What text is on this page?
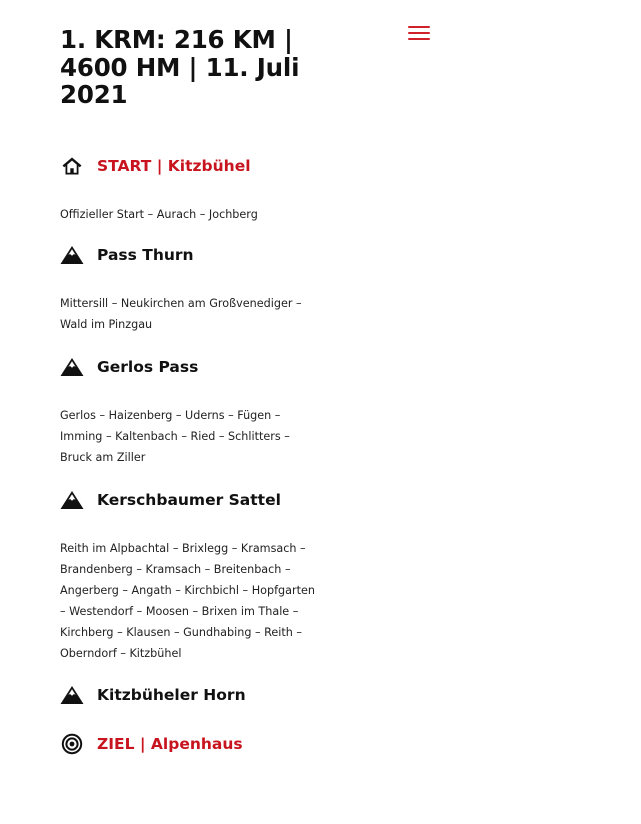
1. KRM: 216 KM | 4600 HM | 11. Juli 2021
START | Kitzbühel

Offizieller Start – Aurach – Jochberg

Pass Thurn

Mittersill – Neukirchen am Großvenediger – Wald im Pinzgau

Gerlos Pass

Gerlos – Haizenberg – Uderns – Fügen – Imming – Kaltenbach – Ried – Schlitters – Bruck am Ziller

Kerschbaumer Sattel

Reith im Alpbachtal – Brixlegg – Kramsach – Brandenberg – Kramsach – Breitenbach – Angerberg – Angath – Kirchbichl – Hopfgarten – Westendorf – Moosen – Brixen im Thale – Kirchberg – Klausen – Gundhabing – Reith – Oberndorf – Kitzbühel

Kitzbüheler Horn
ZIEL | Alpenhaus
